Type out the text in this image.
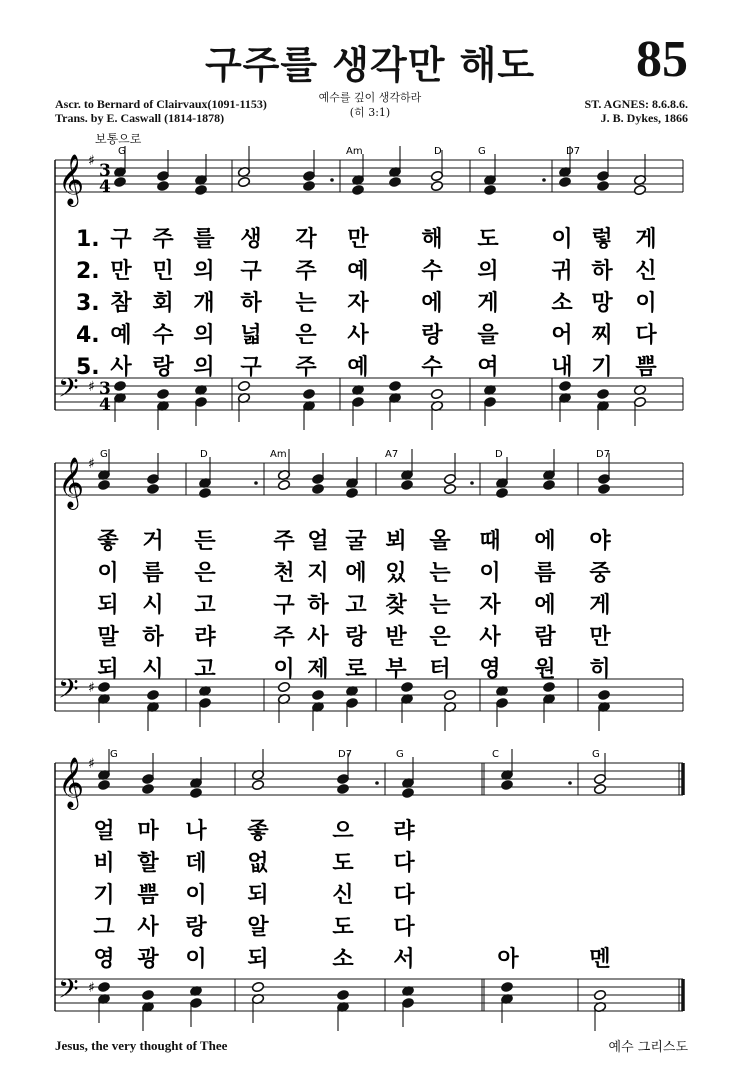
구주를 생각만 해도	85
Ascr. to Bernard of Clairvaux(1091-1153)
Trans. by E. Caswall (1814-1878)
ST. AGNES: 8.6.8.6.
J. B. Dykes, 1866
예수를 깊이 생각하라
(히 3:1)
보통으로
𝄞
𝄢
♯
♯
3
4
3
4
G	Am	D	G	D7
1. 구 주 를 생 각 만 해 도 이 렇 게
2. 만 민 의 구 주 예 수 의 귀 하 신
3. 참 회 개 하 는 자 에 게 소 망 이
4. 예 수 의 넓 은 사 랑 을 어 찌 다
5. 사 랑 의 구 주 예 수 여 내 기 쁨
𝄞
𝄢
♯
♯
G	D	Am	A7	D	D7
좋 거 든	주 얼 굴 뵈 올 때 에 야
이 름 은	천 지 에 있 는 이 름 중
되 시 고	구 하 고 찾 는 자 에 게
말 하 랴	주 사 랑 받 은 사 람 만
되 시 고	이 제 로 부 터 영 원 히
𝄞
𝄢
♯
♯
G	D7	G	C	G
얼 마 나 좋	으 랴
비 할 데 없	도 다
기 쁨 이 되	신 다
그 사 랑 알	도 다
영 광 이 되	소 서	아	멘
Jesus, the very thought of Thee	예수 그리스도
